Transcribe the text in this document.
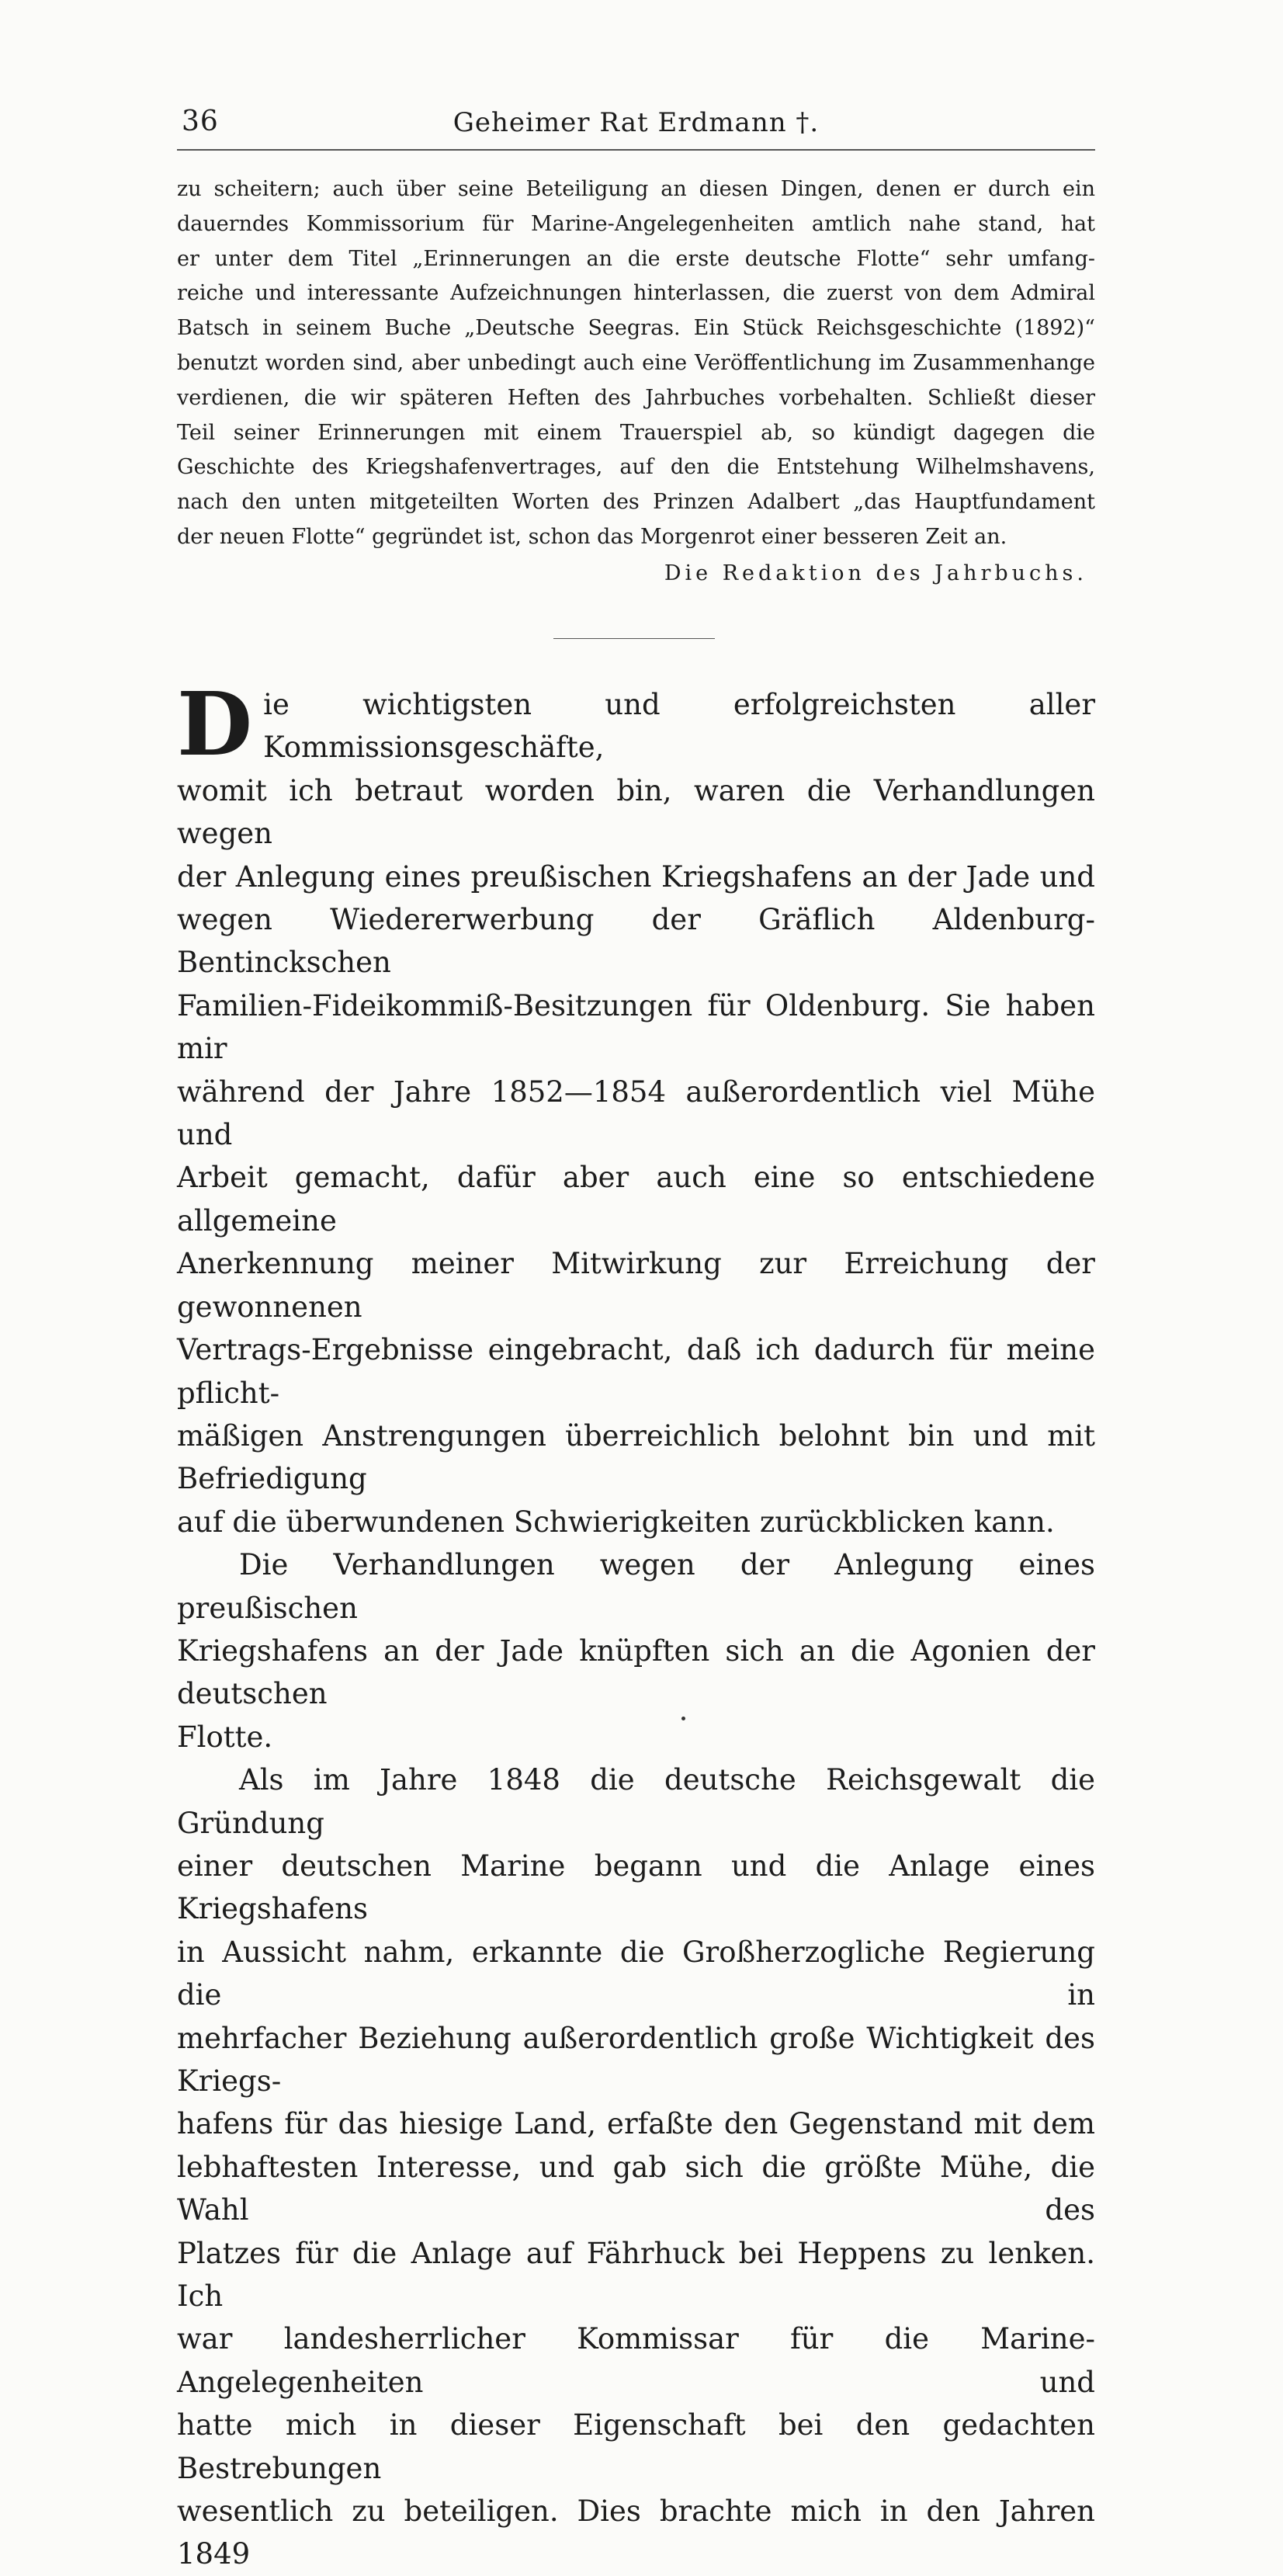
36	Geheimer Rat Erdmann †.

zu scheitern; auch über seine Beteiligung an diesen Dingen, denen er durch ein

dauerndes Kommissorium für Marine-Angelegenheiten amtlich nahe stand, hat

er unter dem Titel „Erinnerungen an die erste deutsche Flotte“ sehr umfang-

reiche und interessante Aufzeichnungen hinterlassen, die zuerst von dem Admiral

Batsch in seinem Buche „Deutsche Seegras. Ein Stück Reichsgeschichte (1892)“

benutzt worden sind, aber unbedingt auch eine Veröffentlichung im Zusammenhange

verdienen, die wir späteren Heften des Jahrbuches vorbehalten. Schließt dieser

Teil seiner Erinnerungen mit einem Trauerspiel ab, so kündigt dagegen die

Geschichte des Kriegshafenvertrages, auf den die Entstehung Wilhelmshavens,

nach den unten mitgeteilten Worten des Prinzen Adalbert „das Hauptfundament

der neuen Flotte“ gegründet ist, schon das Morgenrot einer besseren Zeit an.

Die Redaktion des Jahrbuchs.
D ie wichtigsten und erfolgreichsten aller Kommissionsgeschäfte,

womit ich betraut worden bin, waren die Verhandlungen wegen

der Anlegung eines preußischen Kriegshafens an der Jade und

wegen Wiedererwerbung der Gräflich Aldenburg-Bentinckschen

Familien-Fideikommiß-Besitzungen für Oldenburg. Sie haben mir

während der Jahre 1852—1854 außerordentlich viel Mühe und

Arbeit gemacht, dafür aber auch eine so entschiedene allgemeine

Anerkennung meiner Mitwirkung zur Erreichung der gewonnenen

Vertrags-Ergebnisse eingebracht, daß ich dadurch für meine pflicht-

mäßigen Anstrengungen überreichlich belohnt bin und mit Befriedigung

auf die überwundenen Schwierigkeiten zurückblicken kann.

Die Verhandlungen wegen der Anlegung eines preußischen

Kriegshafens an der Jade knüpften sich an die Agonien der deutschen

Flotte.

Als im Jahre 1848 die deutsche Reichsgewalt die Gründung

einer deutschen Marine begann und die Anlage eines Kriegshafens

in Aussicht nahm, erkannte die Großherzogliche Regierung die in

mehrfacher Beziehung außerordentlich große Wichtigkeit des Kriegs-

hafens für das hiesige Land, erfaßte den Gegenstand mit dem

lebhaftesten Interesse, und gab sich die größte Mühe, die Wahl des

Platzes für die Anlage auf Fährhuck bei Heppens zu lenken. Ich

war landesherrlicher Kommissar für die Marine-Angelegenheiten und

hatte mich in dieser Eigenschaft bei den gedachten Bestrebungen

wesentlich zu beteiligen. Dies brachte mich in den Jahren 1849
